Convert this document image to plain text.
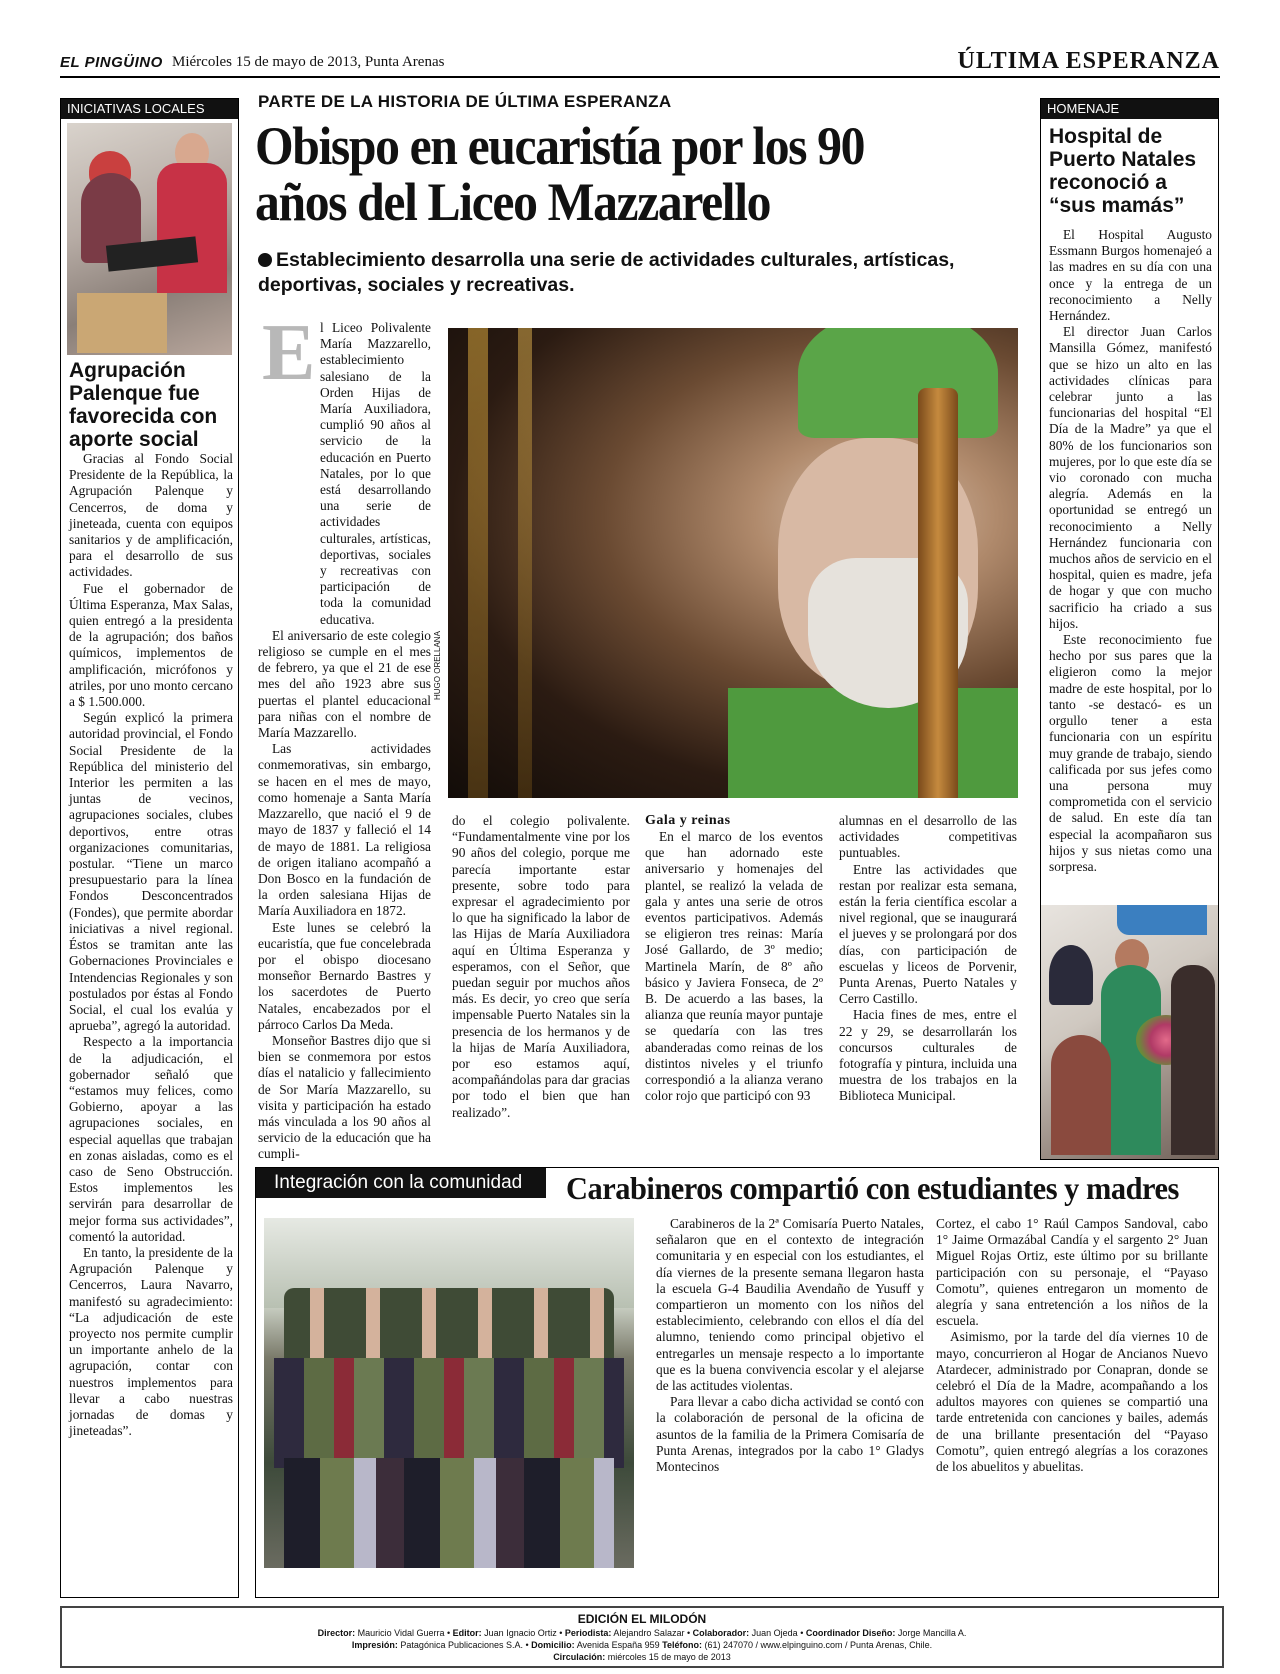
EL PINGÜINO Miércoles 15 de mayo de 2013, Punta Arenas	ÚLTIMA ESPERANZA
INICIATIVAS LOCALES
Agrupación Palenque fue favorecida con aporte social

Gracias al Fondo Social Presidente de la República, la Agrupación Palenque y Cencerros, de doma y jineteada, cuenta con equipos sanitarios y de amplificación, para el desarrollo de sus actividades.

Fue el gobernador de Última Esperanza, Max Salas, quien entregó a la presidenta de la agrupación; dos baños químicos, implementos de amplificación, micrófonos y atriles, por uno monto cercano a $ 1.500.000.

Según explicó la primera autoridad provincial, el Fondo Social Presidente de la República del ministerio del Interior les permiten a las juntas de vecinos, agrupaciones sociales, clubes deportivos, entre otras organizaciones comunitarias, postular. “Tiene un marco presupuestario para la línea Fondos Desconcentrados (Fondes), que permite abordar iniciativas a nivel regional. Éstos se tramitan ante las Gobernaciones Provinciales e Intendencias Regionales y son postulados por éstas al Fondo Social, el cual los evalúa y aprueba”, agregó la autoridad.

Respecto a la importancia de la adjudicación, el gobernador señaló que “estamos muy felices, como Gobierno, apoyar a las agrupaciones sociales, en especial aquellas que trabajan en zonas aisladas, como es el caso de Seno Obstrucción. Estos implementos les servirán para desarrollar de mejor forma sus actividades”, comentó la autoridad.

En tanto, la presidente de la Agrupación Palenque y Cencerros, Laura Navarro, manifestó su agradecimiento: “La adjudicación de este proyecto nos permite cumplir un importante anhelo de la agrupación, contar con nuestros implementos para llevar a cabo nuestras jornadas de domas y jineteadas”.

PARTE DE LA HISTORIA DE ÚLTIMA ESPERANZA
Obispo en eucaristía por los 90 años del Liceo Mazzarello
Establecimiento desarrolla una serie de actividades culturales, artísticas, deportivas, sociales y recreativas.
E l Liceo Polivalente María Mazzarello, establecimiento salesiano de la Orden Hijas de María Auxiliadora, cumplió 90 años al servicio de la educación en Puerto Natales, por lo que está desarrollando una serie de actividades culturales, artísticas, deportivas, sociales y recreativas con participación de toda la comunidad educativa.

El aniversario de este colegio religioso se cumple en el mes de febrero, ya que el 21 de ese mes del año 1923 abre sus puertas el plantel educacional para niñas con el nombre de María Mazzarello.

Las actividades conmemorativas, sin embargo, se hacen en el mes de mayo, como homenaje a Santa María Mazzarello, que nació el 9 de mayo de 1837 y falleció el 14 de mayo de 1881. La religiosa de origen italiano acompañó a Don Bosco en la fundación de la orden salesiana Hijas de María Auxiliadora en 1872.

Este lunes se celebró la eucaristía, que fue concelebrada por el obispo diocesano monseñor Bernardo Bastres y los sacerdotes de Puerto Natales, encabezados por el párroco Carlos Da Meda.

Monseñor Bastres dijo que si bien se conmemora por estos días el natalicio y fallecimiento de Sor María Mazzarello, su visita y participación ha estado más vinculada a los 90 años al servicio de la educación que ha cumpli-

HUGO ORELLANA

do el colegio polivalente. “Fundamentalmente vine por los 90 años del colegio, porque me parecía importante estar presente, sobre todo para expresar el agradecimiento por lo que ha significado la labor de las Hijas de María Auxiliadora aquí en Última Esperanza y esperamos, con el Señor, que puedan seguir por muchos años más. Es decir, yo creo que sería impensable Puerto Natales sin la presencia de los hermanos y de la hijas de María Auxiliadora, por eso estamos aquí, acompañándolas para dar gracias por todo el bien que han realizado”.

Gala y reinas

En el marco de los eventos que han adornado este aniversario y homenajes del plantel, se realizó la velada de gala y antes una serie de otros eventos participativos. Además se eligieron tres reinas: María José Gallardo, de 3º medio; Martinela Marín, de 8º año básico y Javiera Fonseca, de 2º B. De acuerdo a las bases, la alianza que reunía mayor puntaje se quedaría con las tres abanderadas como reinas de los distintos niveles y el triunfo correspondió a la alianza verano color rojo que participó con 93

alumnas en el desarrollo de las actividades competitivas puntuables.

Entre las actividades que restan por realizar esta semana, están la feria científica escolar a nivel regional, que se inaugurará el jueves y se prolongará por dos días, con participación de escuelas y liceos de Porvenir, Punta Arenas, Puerto Natales y Cerro Castillo.

Hacia fines de mes, entre el 22 y 29, se desarrollarán los concursos culturales de fotografía y pintura, incluida una muestra de los trabajos en la Biblioteca Municipal.

HOMENAJE
Hospital de Puerto Natales reconoció a “sus mamás”

El Hospital Augusto Essmann Burgos homenajeó a las madres en su día con una once y la entrega de un reconocimiento a Nelly Hernández.

El director Juan Carlos Mansilla Gómez, manifestó que se hizo un alto en las actividades clínicas para celebrar junto a las funcionarias del hospital “El Día de la Madre” ya que el 80% de los funcionarios son mujeres, por lo que este día se vio coronado con mucha alegría. Además en la oportunidad se entregó un reconocimiento a Nelly Hernández funcionaria con muchos años de servicio en el hospital, quien es madre, jefa de hogar y que con mucho sacrificio ha criado a sus hijos.

Este reconocimiento fue hecho por sus pares que la eligieron como la mejor madre de este hospital, por lo tanto -se destacó- es un orgullo tener a esta funcionaria con un espíritu muy grande de trabajo, siendo calificada por sus jefes como una persona muy comprometida con el servicio de salud. En este día tan especial la acompañaron sus hijos y sus nietas como una sorpresa.

Integración con la comunidad	Carabineros compartió con estudiantes y madres

Carabineros de la 2ª Comisaría Puerto Natales, señalaron que en el contexto de integración comunitaria y en especial con los estudiantes, el día viernes de la presente semana llegaron hasta la escuela G-4 Baudilia Avendaño de Yusuff y compartieron un momento con los niños del establecimiento, celebrando con ellos el día del alumno, teniendo como principal objetivo el entregarles un mensaje respecto a lo importante que es la buena convivencia escolar y el alejarse de las actitudes violentas.

Para llevar a cabo dicha actividad se contó con la colaboración de personal de la oficina de asuntos de la familia de la Primera Comisaría de Punta Arenas, integrados por la cabo 1° Gladys Montecinos

Cortez, el cabo 1° Raúl Campos Sandoval, cabo 1° Jaime Ormazábal Candía y el sargento 2° Juan Miguel Rojas Ortiz, este último por su brillante participación con su personaje, el “Payaso Comotu”, quienes entregaron un momento de alegría y sana entretención a los niños de la escuela.

Asimismo, por la tarde del día viernes 10 de mayo, concurrieron al Hogar de Ancianos Nuevo Atardecer, administrado por Conapran, donde se celebró el Día de la Madre, acompañando a los adultos mayores con quienes se compartió una tarde entretenida con canciones y bailes, además de una brillante presentación del “Payaso Comotu”, quien entregó alegrías a los corazones de los abuelitos y abuelitas.

EDICIÓN EL MILODÓN
Director: Mauricio Vidal Guerra • Editor: Juan Ignacio Ortiz • Periodista: Alejandro Salazar • Colaborador: Juan Ojeda • Coordinador Diseño: Jorge Mancilla A.
Impresión: Patagónica Publicaciones S.A. • Domicilio: Avenida España 959 Teléfono: (61) 247070 / www.elpinguino.com / Punta Arenas, Chile.
Circulación: miércoles 15 de mayo de 2013
